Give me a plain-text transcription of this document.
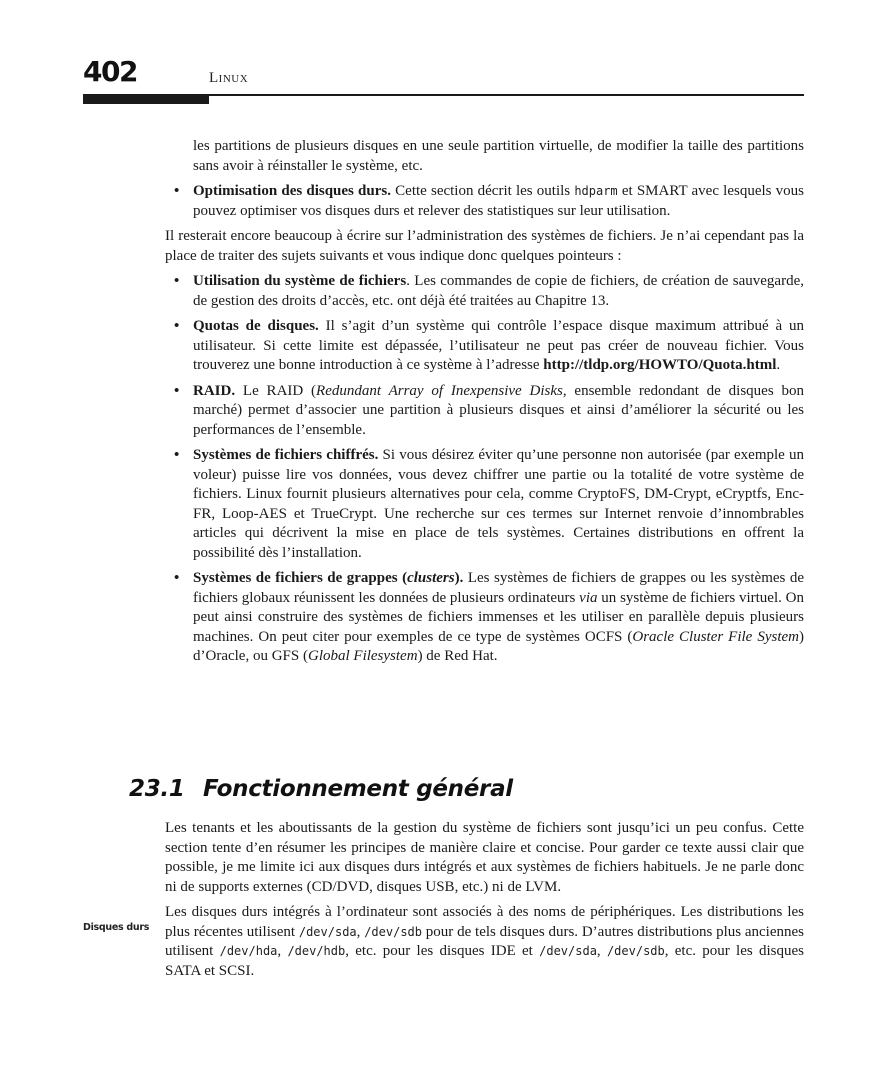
402	Linux

les partitions de plusieurs disques en une seule partition virtuelle, de modifier la taille des partitions sans avoir à réinstaller le système, etc.

• Optimisation des disques durs. Cette section décrit les outils hdparm et SMART avec lesquels vous pouvez optimiser vos disques durs et relever des statistiques sur leur utilisation.

Il resterait encore beaucoup à écrire sur l’administration des systèmes de fichiers. Je n’ai cependant pas la place de traiter des sujets suivants et vous indique donc quelques pointeurs :

• Utilisation du système de fichiers. Les commandes de copie de fichiers, de création de sauvegarde, de gestion des droits d’accès, etc. ont déjà été traitées au Chapitre 13.
• Quotas de disques. Il s’agit d’un système qui contrôle l’espace disque maximum attribué à un utilisateur. Si cette limite est dépassée, l’utilisateur ne peut pas créer de nouveau fichier. Vous trouverez une bonne introduction à ce système à l’adresse http://tldp.org/HOWTO/Quota.html.
• RAID. Le RAID (Redundant Array of Inexpensive Disks, ensemble redondant de disques bon marché) permet d’associer une partition à plusieurs disques et ainsi d’améliorer la sécurité ou les performances de l’ensemble.
• Systèmes de fichiers chiffrés. Si vous désirez éviter qu’une personne non autorisée (par exemple un voleur) puisse lire vos données, vous devez chiffrer une partie ou la totalité de votre système de fichiers. Linux fournit plusieurs alternatives pour cela, comme CryptoFS, DM-Crypt, eCryptfs, Enc-FR, Loop-AES et TrueCrypt. Une recherche sur ces termes sur Internet renvoie d’innombrables articles qui décrivent la mise en place de tels systèmes. Certaines distributions en offrent la possibilité dès l’installation.
• Systèmes de fichiers de grappes (clusters). Les systèmes de fichiers de grappes ou les systèmes de fichiers globaux réunissent les données de plusieurs ordinateurs via un système de fichiers virtuel. On peut ainsi construire des systèmes de fichiers immenses et les utiliser en parallèle depuis plusieurs machines. On peut citer pour exemples de ce type de systèmes OCFS (Oracle Cluster File System) d’Oracle, ou GFS (Global Filesystem) de Red Hat.
23.1 Fonctionnement général

Les tenants et les aboutissants de la gestion du système de fichiers sont jusqu’ici un peu confus. Cette section tente d’en résumer les principes de manière claire et concise. Pour garder ce texte aussi clair que possible, je me limite ici aux disques durs intégrés et aux systèmes de fichiers habituels. Je ne parle donc ni de supports externes (CD/DVD, disques USB, etc.) ni de LVM.

Les disques durs intégrés à l’ordinateur sont associés à des noms de périphériques. Les distributions les plus récentes utilisent /dev/sda, /dev/sdb pour de tels disques durs. D’autres distributions plus anciennes utilisent /dev/hda, /dev/hdb, etc. pour les disques IDE et /dev/sda, /dev/sdb, etc. pour les disques SATA et SCSI.

Disques durs
